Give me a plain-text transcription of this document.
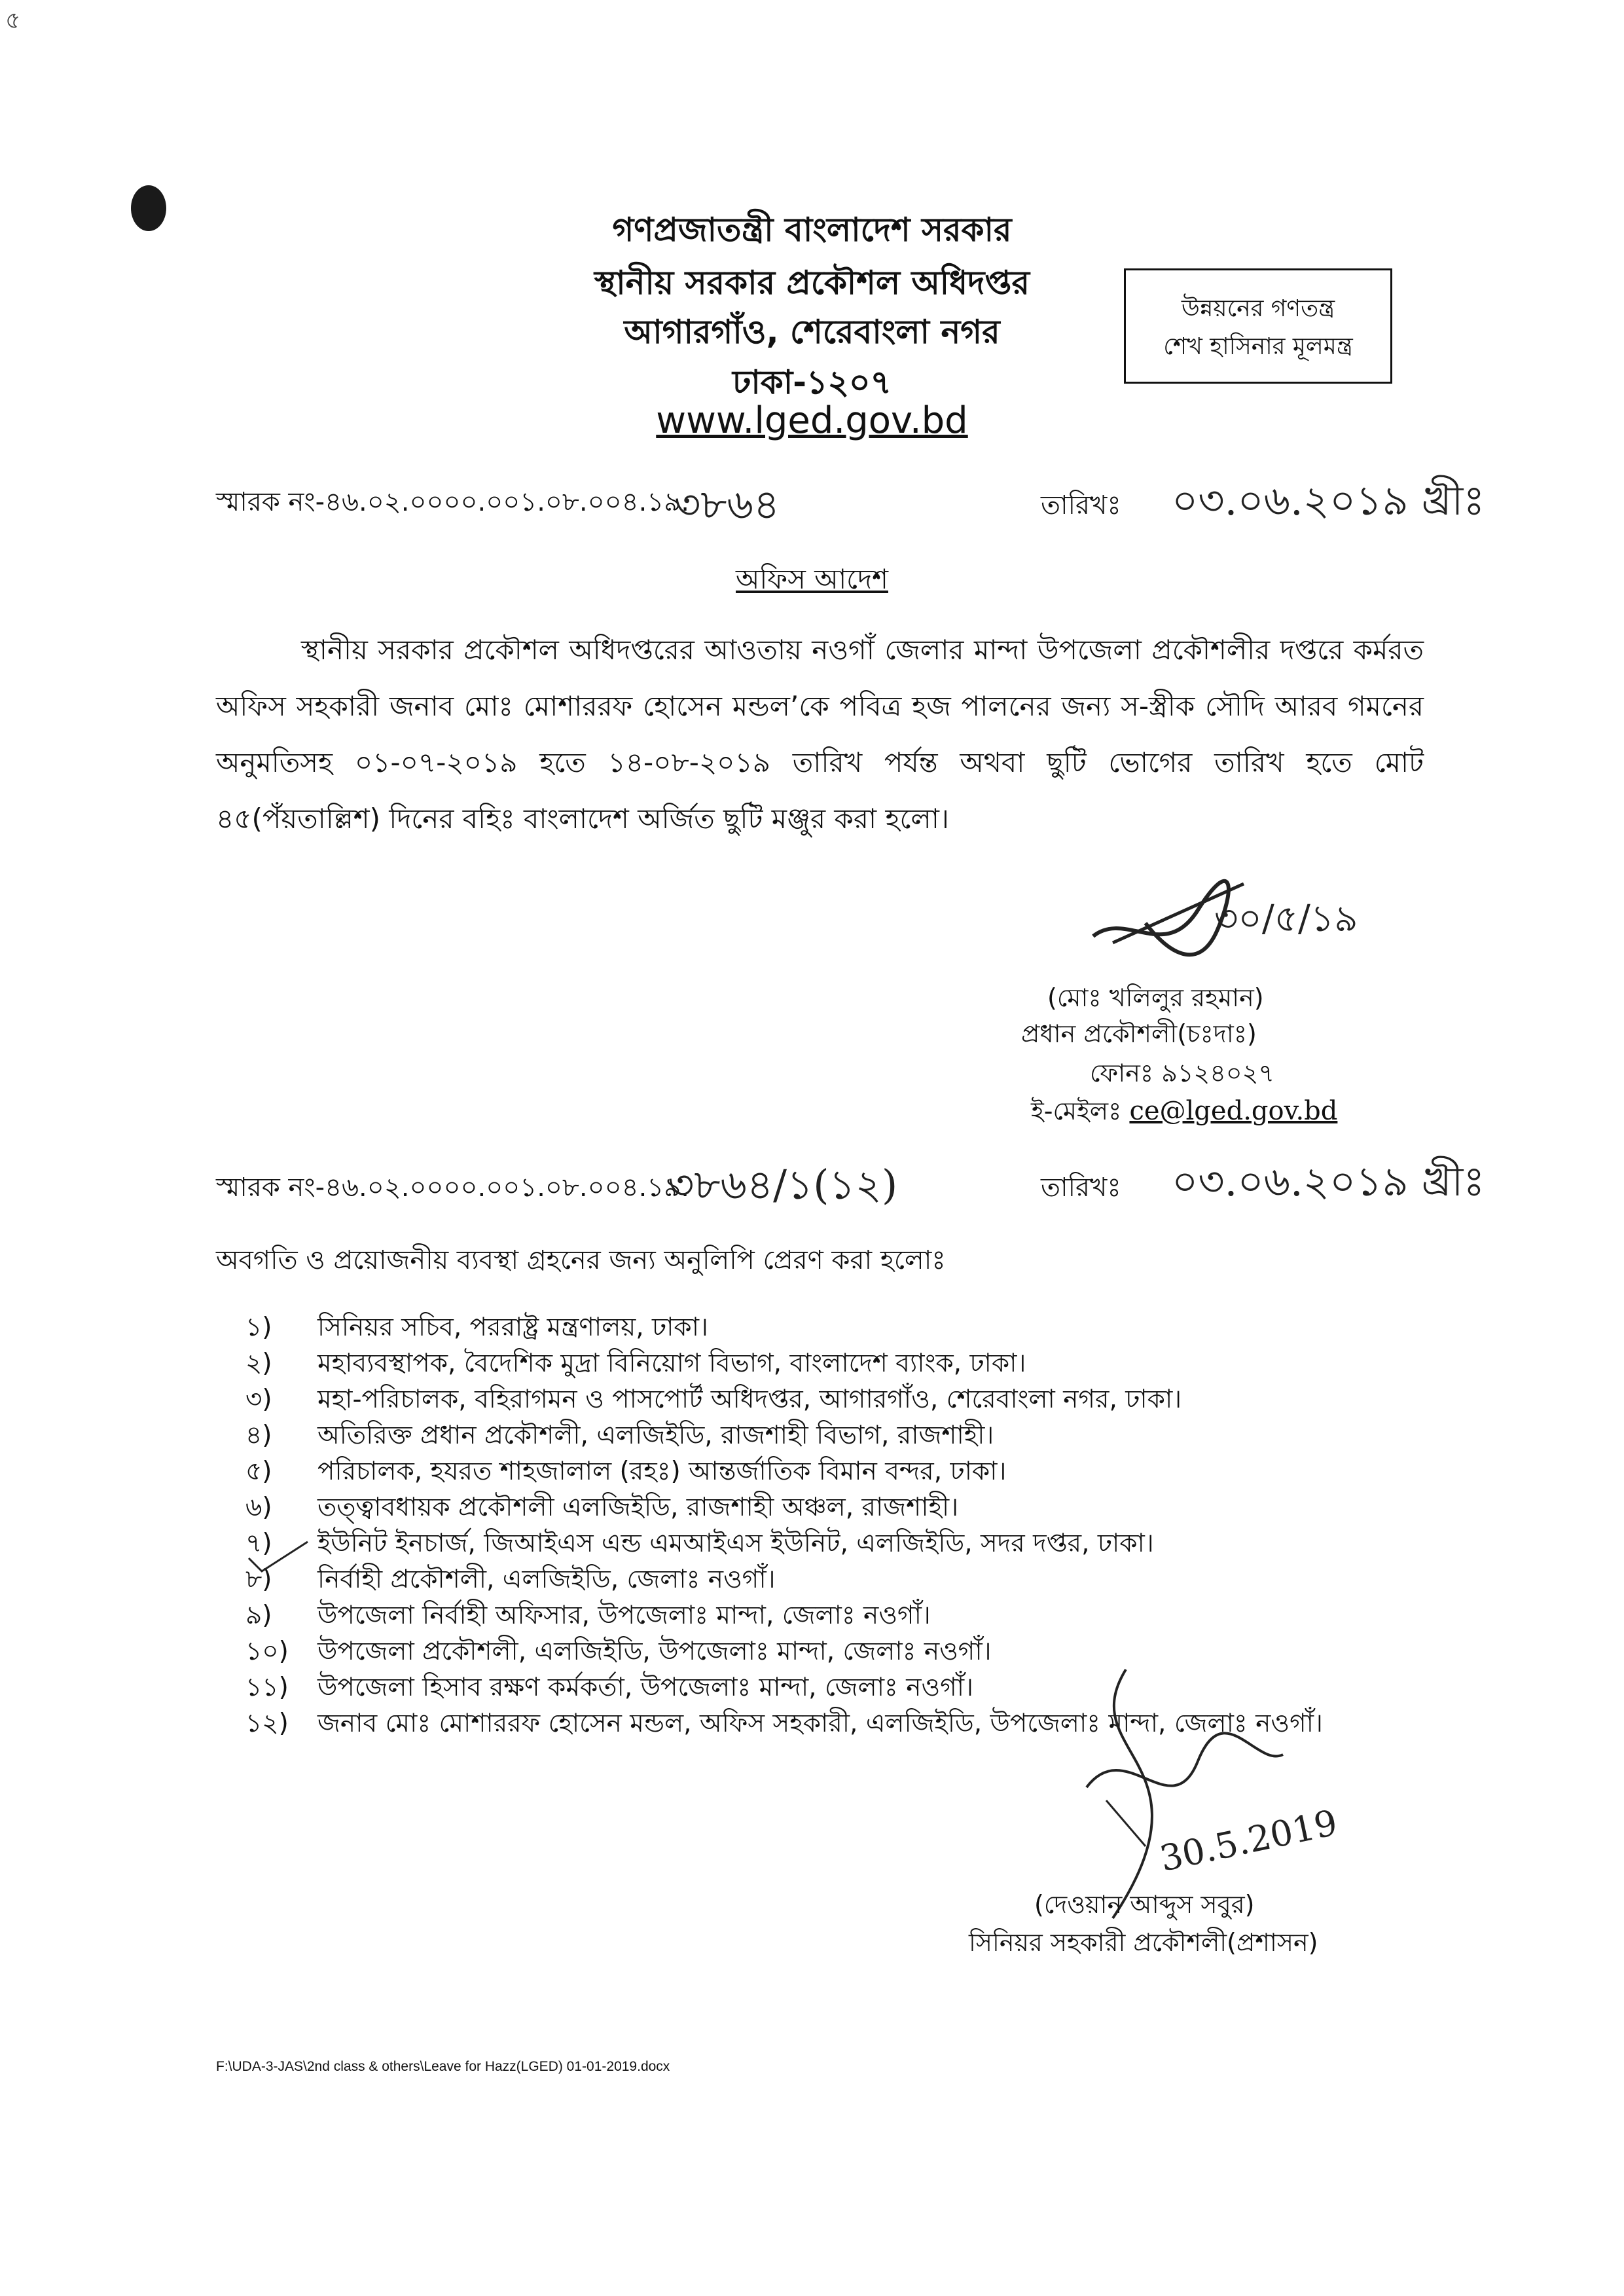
৫
গণপ্রজাতন্ত্রী বাংলাদেশ সরকার
স্থানীয় সরকার প্রকৌশল অধিদপ্তর
আগারগাঁও, শেরেবাংলা নগর
ঢাকা-১২০৭
www.lged.gov.bd
উন্নয়নের গণতন্ত্র
শেখ হাসিনার মূলমন্ত্র
স্মারক নং-৪৬.০২.০০০০.০০১.০৮.০০৪.১৯.
৩৮৬৪	তারিখঃ ০৩.০৬.২০১৯ খ্রীঃ
অফিস আদেশ
স্থানীয় সরকার প্রকৌশল অধিদপ্তরের আওতায় নওগাঁ জেলার মান্দা উপজেলা প্রকৌশলীর দপ্তরে কর্মরত অফিস সহকারী জনাব মোঃ মোশাররফ হোসেন মন্ডল’কে পবিত্র হজ পালনের জন্য স-স্ত্রীক সৌদি আরব গমনের অনুমতিসহ ০১-০৭-২০১৯ হতে ১৪-০৮-২০১৯ তারিখ পর্যন্ত অথবা ছুটি ভোগের তারিখ হতে মোট ৪৫(পঁয়তাল্লিশ) দিনের বহিঃ বাংলাদেশ অর্জিত ছুটি মঞ্জুর করা হলো।
৩০/৫/১৯
(মোঃ খলিলুর রহমান)
প্রধান প্রকৌশলী(চঃদাঃ)
ফোনঃ ৯১২৪০২৭
ই-মেইলঃ ce@lged.gov.bd
স্মারক নং-৪৬.০২.০০০০.০০১.০৮.০০৪.১৯.
৩৮৬৪/১(১২)	তারিখঃ ০৩.০৬.২০১৯ খ্রীঃ
অবগতি ও প্রয়োজনীয় ব্যবস্থা গ্রহনের জন্য অনুলিপি প্রেরণ করা হলোঃ
১)	সিনিয়র সচিব, পররাষ্ট্র মন্ত্রণালয়, ঢাকা।
২)	মহাব্যবস্থাপক, বৈদেশিক মুদ্রা বিনিয়োগ বিভাগ, বাংলাদেশ ব্যাংক, ঢাকা।
৩)	মহা-পরিচালক, বহিরাগমন ও পাসপোর্ট অধিদপ্তর, আগারগাঁও, শেরেবাংলা নগর, ঢাকা।
৪)	অতিরিক্ত প্রধান প্রকৌশলী, এলজিইডি, রাজশাহী বিভাগ, রাজশাহী।
৫)	পরিচালক, হযরত শাহজালাল (রহঃ) আন্তর্জাতিক বিমান বন্দর, ঢাকা।
৬)	তত্ত্বাবধায়ক প্রকৌশলী এলজিইডি, রাজশাহী অঞ্চল, রাজশাহী।
৭)	ইউনিট ইনচার্জ, জিআইএস এন্ড এমআইএস ইউনিট, এলজিইডি, সদর দপ্তর, ঢাকা।
৮)	নির্বাহী প্রকৌশলী, এলজিইডি, জেলাঃ নওগাঁ।
৯)	উপজেলা নির্বাহী অফিসার, উপজেলাঃ মান্দা, জেলাঃ নওগাঁ।
১০)	উপজেলা প্রকৌশলী, এলজিইডি, উপজেলাঃ মান্দা, জেলাঃ নওগাঁ।
১১)	উপজেলা হিসাব রক্ষণ কর্মকর্তা, উপজেলাঃ মান্দা, জেলাঃ নওগাঁ।
১২)	জনাব মোঃ মোশাররফ হোসেন মন্ডল, অফিস সহকারী, এলজিইডি, উপজেলাঃ মান্দা, জেলাঃ নওগাঁ।
30.5.2019
(দেওয়ান আব্দুস সবুর)
সিনিয়র সহকারী প্রকৌশলী(প্রশাসন)
F:\UDA-3-JAS\2nd class & others\Leave for Hazz(LGED) 01-01-2019.docx
